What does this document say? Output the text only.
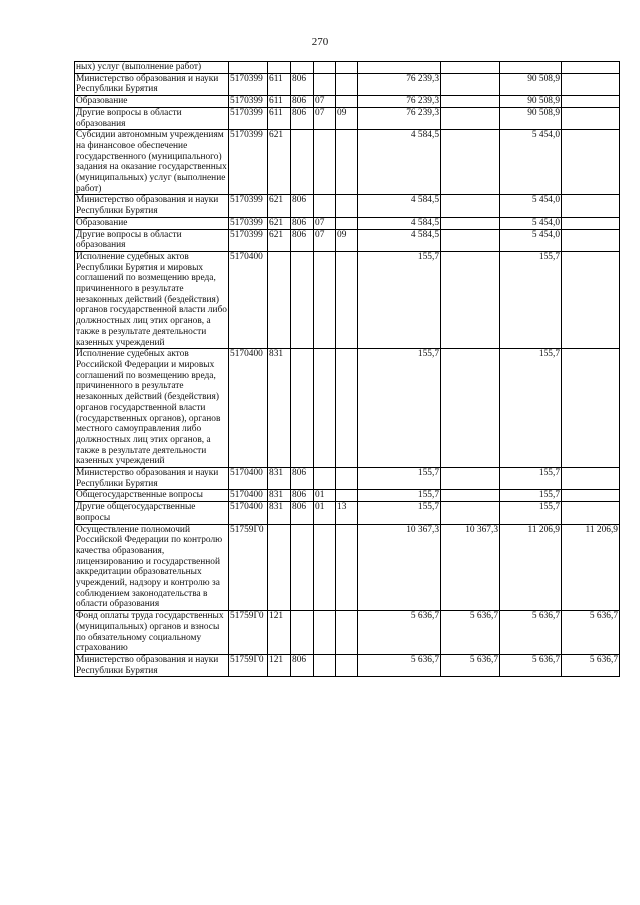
270
ных) услуг (выполнение работ)									
Министерство образования и науки Республики Бурятия	5170399	611	806			76 239,3		90 508,9	
Образование	5170399	611	806	07		76 239,3		90 508,9	
Другие вопросы в области образования	5170399	611	806	07	09	76 239,3		90 508,9	
Субсидии автономным учреждениям на финансовое обеспечение государственного (муниципального) задания на оказание государственных (муниципальных) услуг (выполнение работ)	5170399	621				4 584,5		5 454,0	
Министерство образования и науки Республики Бурятия	5170399	621	806			4 584,5		5 454,0	
Образование	5170399	621	806	07		4 584,5		5 454,0	
Другие вопросы в области образования	5170399	621	806	07	09	4 584,5		5 454,0	
Исполнение судебных актов Республики Бурятия и мировых соглашений по возмещению вреда, причиненного в результате незаконных действий (бездействия) органов государственной власти либо должностных лиц этих органов, а также в результате деятельности казенных учреждений	5170400					155,7		155,7	
Исполнение судебных актов Российской Федерации и мировых соглашений по возмещению вреда, причиненного в результате незаконных действий (бездействия) органов государственной власти (государственных органов), органов местного самоуправления либо должностных лиц этих органов, а также в результате деятельности казенных учреждений	5170400	831				155,7		155,7	
Министерство образования и науки Республики Бурятия	5170400	831	806			155,7		155,7	
Общегосударственные вопросы	5170400	831	806	01		155,7		155,7	
Другие общегосударственные вопросы	5170400	831	806	01	13	155,7		155,7	
Осуществление полномочий Российской Федерации по контролю качества образования, лицензированию и государственной аккредитации образовательных учреждений, надзору и контролю за соблюдением законодательства в области образования	51759Г0					10 367,3	10 367,3	11 206,9	11 206,9
Фонд оплаты труда государственных (муниципальных) органов и взносы по обязательному социальному страхованию	51759Г0	121				5 636,7	5 636,7	5 636,7	5 636,7
Министерство образования и науки Республики Бурятия	51759Г0	121	806			5 636,7	5 636,7	5 636,7	5 636,7
